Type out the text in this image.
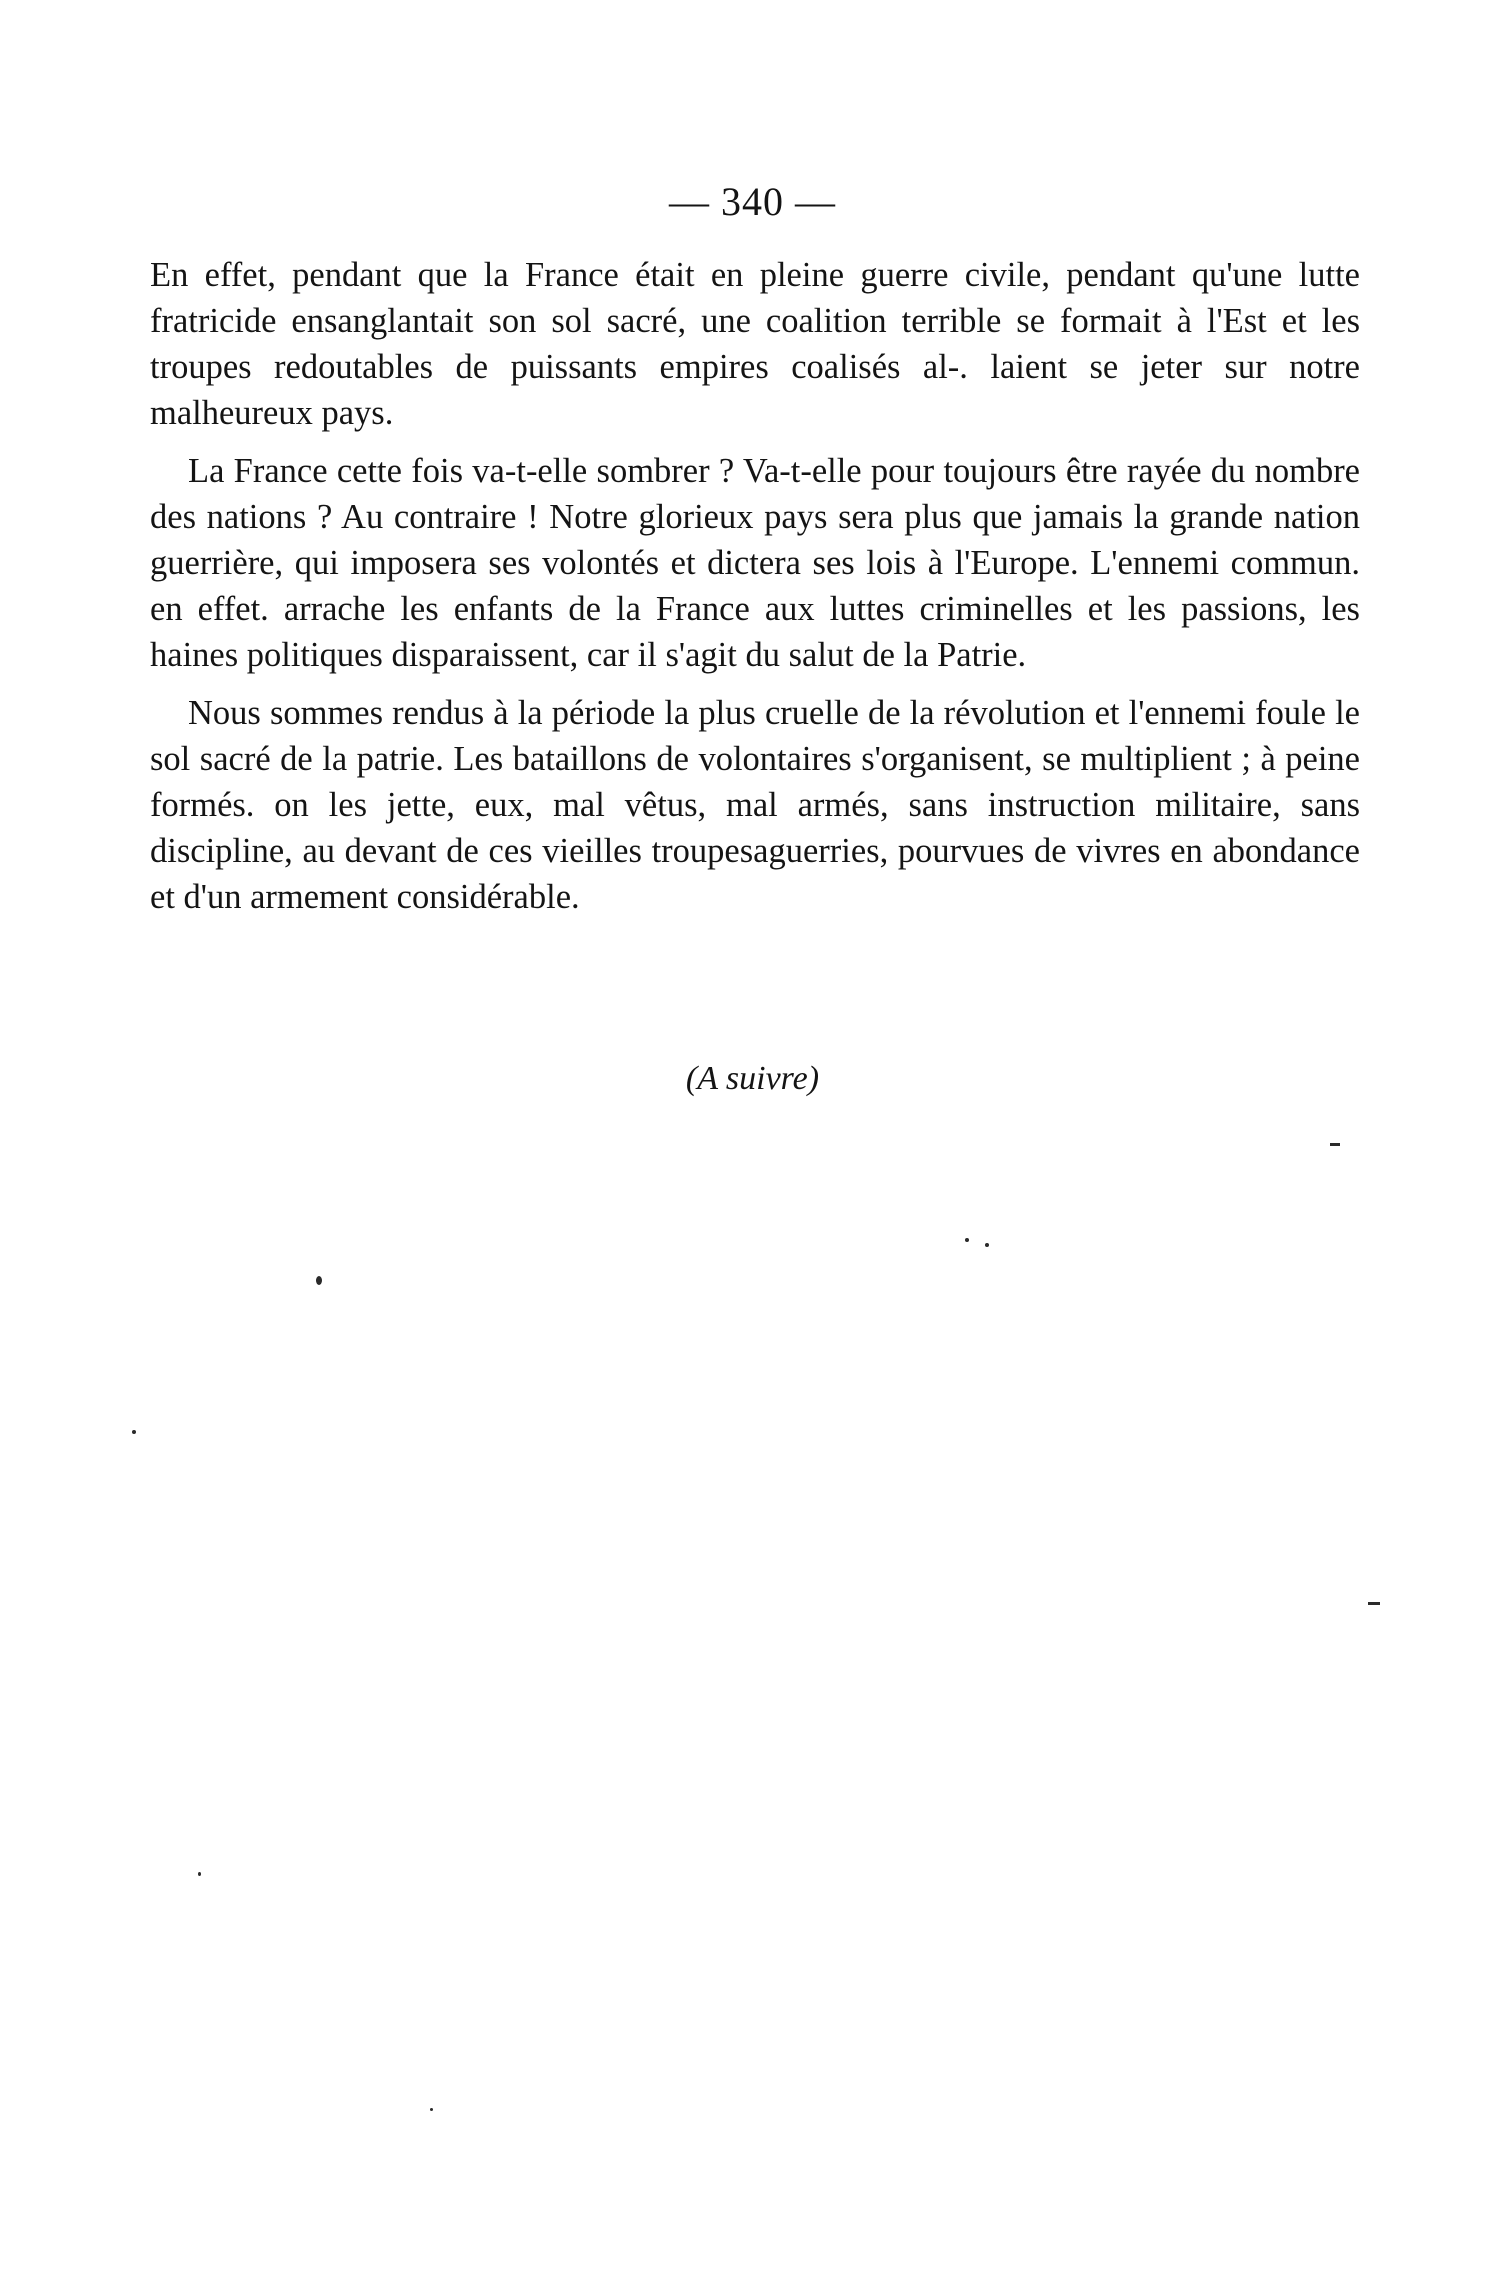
— 340 —

En effet, pendant que la France était en pleine guerre civile, pendant qu'une lutte fratricide ensanglantait son sol sacré, une coalition terrible se formait à l'Est et les troupes redoutables de puissants empires coalisés al-. laient se jeter sur notre malheureux pays.

La France cette fois va-t-elle sombrer ? Va-t-elle pour toujours être rayée du nombre des nations ? Au contraire ! Notre glorieux pays sera plus que jamais la grande nation guerrière, qui imposera ses volontés et dictera ses lois à l'Europe. L'ennemi commun. en effet. arrache les enfants de la France aux luttes criminelles et les passions, les haines politiques disparaissent, car il s'agit du salut de la Patrie.

Nous sommes rendus à la période la plus cruelle de la révolution et l'ennemi foule le sol sacré de la patrie. Les bataillons de volontaires s'organisent, se multiplient ; à peine formés. on les jette, eux, mal vêtus, mal armés, sans instruction militaire, sans discipline, au devant de ces vieilles troupesaguerries, pourvues de vivres en abondance et d'un armement considérable.

(A suivre)
